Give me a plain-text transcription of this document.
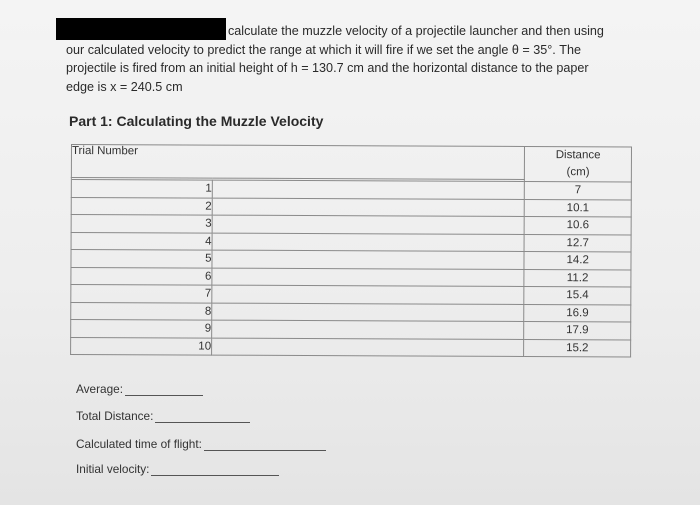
calculate the muzzle velocity of a projectile launcher and then using
our calculated velocity to predict the range at which it will fire if we set the angle θ = 35°. The
projectile is fired from an initial height of h = 130.7 cm and the horizontal distance to the paper
edge is x = 240.5 cm
Part 1: Calculating the Muzzle Velocity
Trial Number		Distance
(cm)

1		7
2		10.1
3		10.6
4		12.7
5		14.2
6		11.2
7		15.4
8		16.9
9		17.9
10		15.2
Average:
Total Distance:
Calculated time of flight:
Initial velocity:
